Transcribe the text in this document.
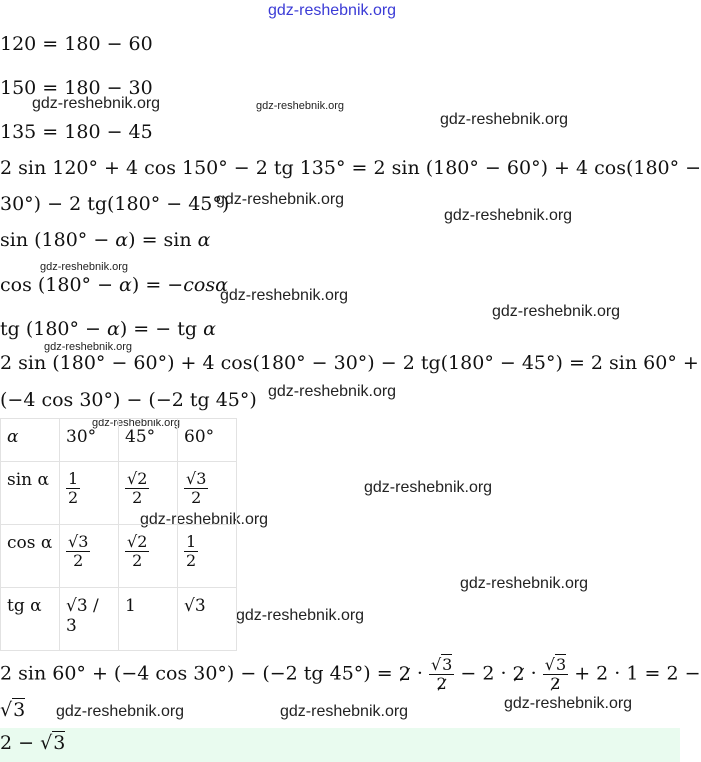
gdz-reshebnik.org
gdz-reshebnik.org	gdz-reshebnik.org
gdz-reshebnik.org
gdz-reshebnik.org
gdz-reshebnik.org
gdz-reshebnik.org
gdz-reshebnik.org
gdz-reshebnik.org
gdz-reshebnik.org
gdz-reshebnik.org
gdz-reshebnik.org
gdz-reshebnik.org
gdz-reshebnik.org
gdz-reshebnik.org
gdz-reshebnik.org
gdz-reshebnik.org
gdz-reshebnik.org	gdz-reshebnik.org
120 = 180 − 60
150 = 180 − 30
135 = 180 − 45
2 sin 120° + 4 cos 150° − 2 tg 135° = 2 sin (180° − 60°) + 4 cos(180° −
30°) − 2 tg(180° − 45°)
sin (180° − α) = sin α
cos (180° − α) = −cosα
tg (180° − α) = − tg α
2 sin (180° − 60°) + 4 cos(180° − 30°) − 2 tg(180° − 45°) = 2 sin 60° +
(−4 cos 30°) − (−2 tg 45°)
α	30°	45°	60°
sin α	$\frac{1}{2}$	$\frac{√2}{2}$	$\frac{√3}{2}$

cos α	$\frac{√3}{2}$	$\frac{√2}{2}$	$\frac{1}{2}$

tg α	√3 / 3	1	√3
2 sin 60° + (−4 cos 30°) − (−2 tg $45^\circ) = 2 \cdot \frac{√3}{2} - 2 \cdot 2 \cdot \frac{√3}{2} + 2 \cdot 1 = 2$ −
√3
2 − √3
